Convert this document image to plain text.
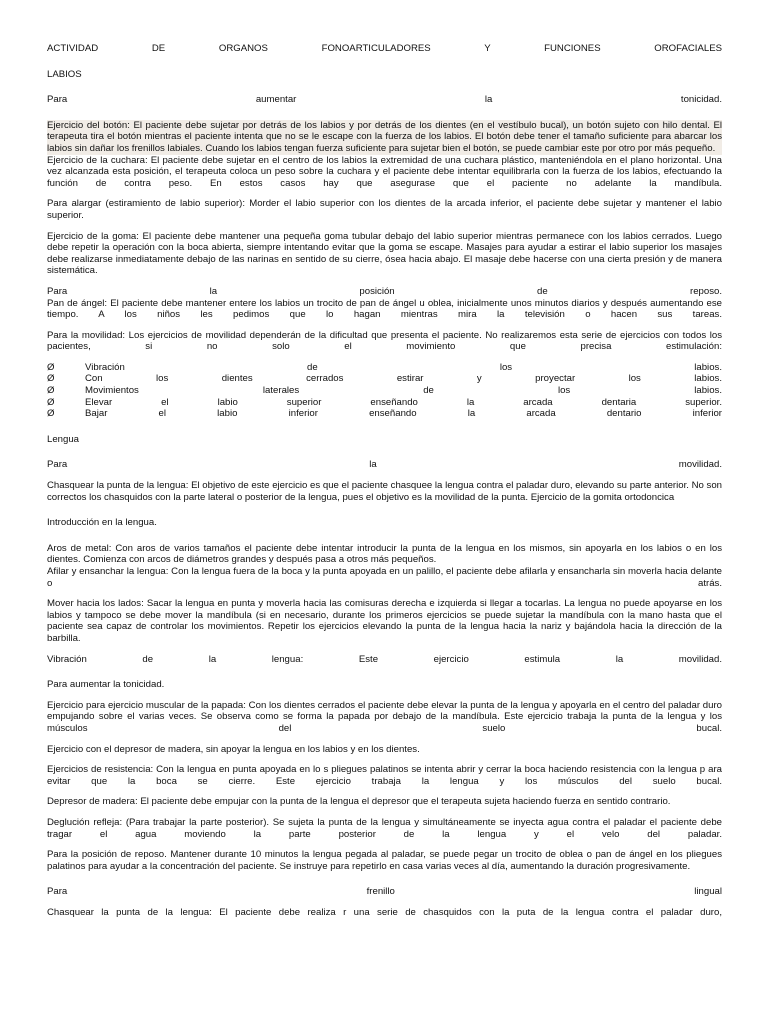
ACTIVIDAD DE ORGANOS FONOARTICULADORES Y FUNCIONES OROFACIALES

LABIOS

Para aumentar la tonicidad.

Ejercicio del botón: El paciente debe sujetar por detrás de los labios y por detrás de los dientes (en el vestíbulo bucal), un botón sujeto con hilo dental. El terapeuta tira el botón mientras el paciente intenta que no se le escape con la fuerza de los labios. El botón debe tener el tamaño suficiente para abarcar los labios sin dañar los frenillos labiales. Cuando los labios tengan fuerza suficiente para sujetar bien el botón, se puede cambiar este por otro por más pequeño.

Ejercicio de la cuchara: El paciente debe sujetar en el centro de los labios la extremidad de una cuchara plástico, manteniéndola en el plano horizontal. Una vez alcanzada esta posición, el terapeuta coloca un peso sobre la cuchara y el paciente debe intentar equilibrarla con la fuerza de los labios, efectuando la función de contra peso. En estos casos hay que asegurase que el paciente no adelante la mandíbula.

Para alargar (estiramiento de labio superior): Morder el labio superior con los dientes de la arcada inferior, el paciente debe sujetar y mantener el labio superior.

Ejercicio de la goma: El paciente debe mantener una pequeña goma tubular debajo del labio superior mientras permanece con los labios cerrados. Luego debe repetir la operación con la boca abierta, siempre intentando evitar que la goma se escape. Masajes para ayudar a estirar el labio superior los masajes debe realizarse inmediatamente debajo de las narinas en sentido de su cierre, ósea hacia abajo. El masaje debe hacerse con una cierta presión y de manera sistemática.

Para la posición de reposo.

Pan de ángel: El paciente debe mantener entere los labios un trocito de pan de ángel u oblea, inicialmente unos minutos diarios y después aumentando ese tiempo. A los niños les pedimos que lo hagan mientras mira la televisión o hacen sus tareas.

Para la movilidad: Los ejercicios de movilidad dependerán de la dificultad que presenta el paciente. No realizaremos esta serie de ejercicios con todos los pacientes, si no solo el movimiento que precisa estimulación:

Ø	Vibración de los labios.
Ø	Con los dientes cerrados estirar y proyectar los labios.
Ø	Movimientos laterales de los labios.
Ø	Elevar el labio superior enseñando la arcada dentaria superior.
Ø	Bajar el labio inferior enseñando la arcada dentario inferior

Lengua

Para la movilidad.

Chasquear la punta de la lengua: El objetivo de este ejercicio es que el paciente chasquee la lengua contra el paladar duro, elevando su parte anterior. No son correctos los chasquidos con la parte lateral o posterior de la lengua, pues el objetivo es la movilidad de la punta. Ejercicio de la gomita ortodoncica

Introducción en la lengua.

Aros de metal: Con aros de varios tamaños el paciente debe intentar introducir la punta de la lengua en los mismos, sin apoyarla en los labios o en los dientes. Comienza con arcos de diámetros grandes y después pasa a otros más pequeños.

Afilar y ensanchar la lengua: Con la lengua fuera de la boca y la punta apoyada en un palillo, el paciente debe afilarla y ensancharla sin moverla hacia delante o atrás.

Mover hacia los lados: Sacar la lengua en punta y moverla hacia las comisuras derecha e izquierda si llegar a tocarlas. La lengua no puede apoyarse en los labios y tampoco se debe mover la mandíbula (si en necesario, durante los primeros ejercicios se puede sujetar la mandíbula con la mano hasta que el paciente sea capaz de controlar los movimientos. Repetir los ejercicios elevando la punta de la lengua hacia la nariz y bajándola hacia la dirección de la barbilla.

Vibración de la lengua: Este ejercicio estimula la movilidad.

Para aumentar la tonicidad.

Ejercicio para ejercicio muscular de la papada: Con los dientes cerrados el paciente debe elevar la punta de la lengua y apoyarla en el centro del paladar duro empujando sobre el varias veces. Se observa como se forma la papada por debajo de la mandíbula. Este ejercicio trabaja la punta de la lengua y los músculos del suelo bucal.

Ejercicio con el depresor de madera, sin apoyar la lengua en los labios y en los dientes.

Ejercicios de resistencia: Con la lengua en punta apoyada en lo s pliegues palatinos se intenta abrir y cerrar la boca haciendo resistencia con la lengua p ara evitar que la boca se cierre. Este ejercicio trabaja la lengua y los músculos del suelo bucal.

Depresor de madera: El paciente debe empujar con la punta de la lengua el depresor que el terapeuta sujeta haciendo fuerza en sentido contrario.

Deglución refleja: (Para trabajar la parte posterior). Se sujeta la punta de la lengua y simultáneamente se inyecta agua contra el paladar el paciente debe tragar el agua moviendo la parte posterior de la lengua y el velo del paladar.

Para la posición de reposo. Mantener durante 10 minutos la lengua pegada al paladar, se puede pegar un trocito de oblea o pan de ángel en los pliegues palatinos para ayudar a la concentración del paciente. Se instruye para repetirlo en casa varias veces al día, aumentando la duración progresivamente.

Para frenillo lingual

Chasquear la punta de la lengua: El paciente debe realiza r una serie de chasquidos con la puta de la lengua contra el paladar duro,
